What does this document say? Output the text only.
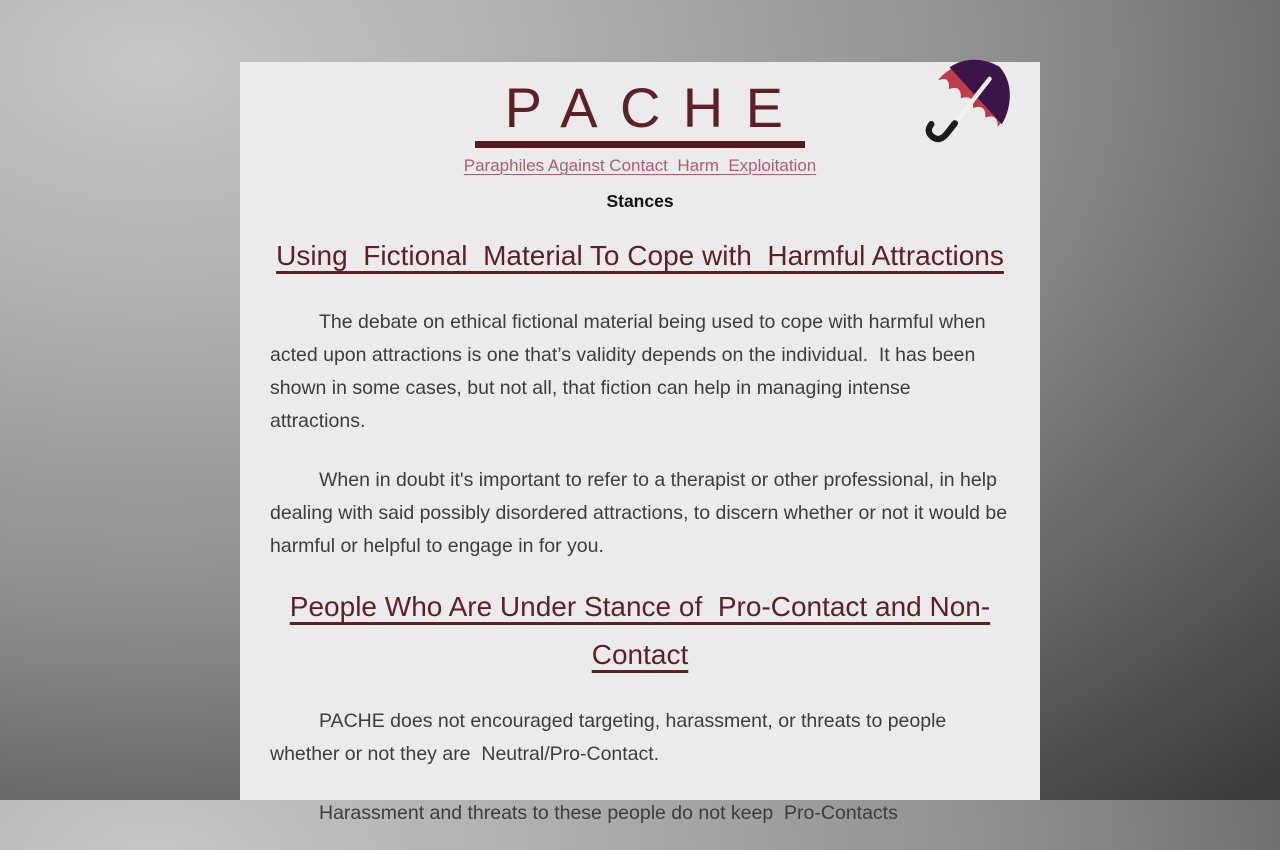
PACHE
Paraphiles Against Contact  Harm  Exploitation
Stances
Using  Fictional  Material To Cope with  Harmful Attractions

The debate on ethical fictional material being used to cope with harmful when acted upon attractions is one that’s validity depends on the individual.  It has been shown in some cases, but not all, that fiction can help in managing intense attractions.

When in doubt it's important to refer to a therapist or other professional, in help dealing with said possibly disordered attractions, to discern whether or not it would be harmful or helpful to engage in for you.

People Who Are Under Stance of  Pro-Contact and Non-Contact

PACHE does not encouraged targeting, harassment, or threats to people whether or not they are  Neutral/Pro-Contact.

Harassment and threats to these people do not keep  Pro-Contacts
